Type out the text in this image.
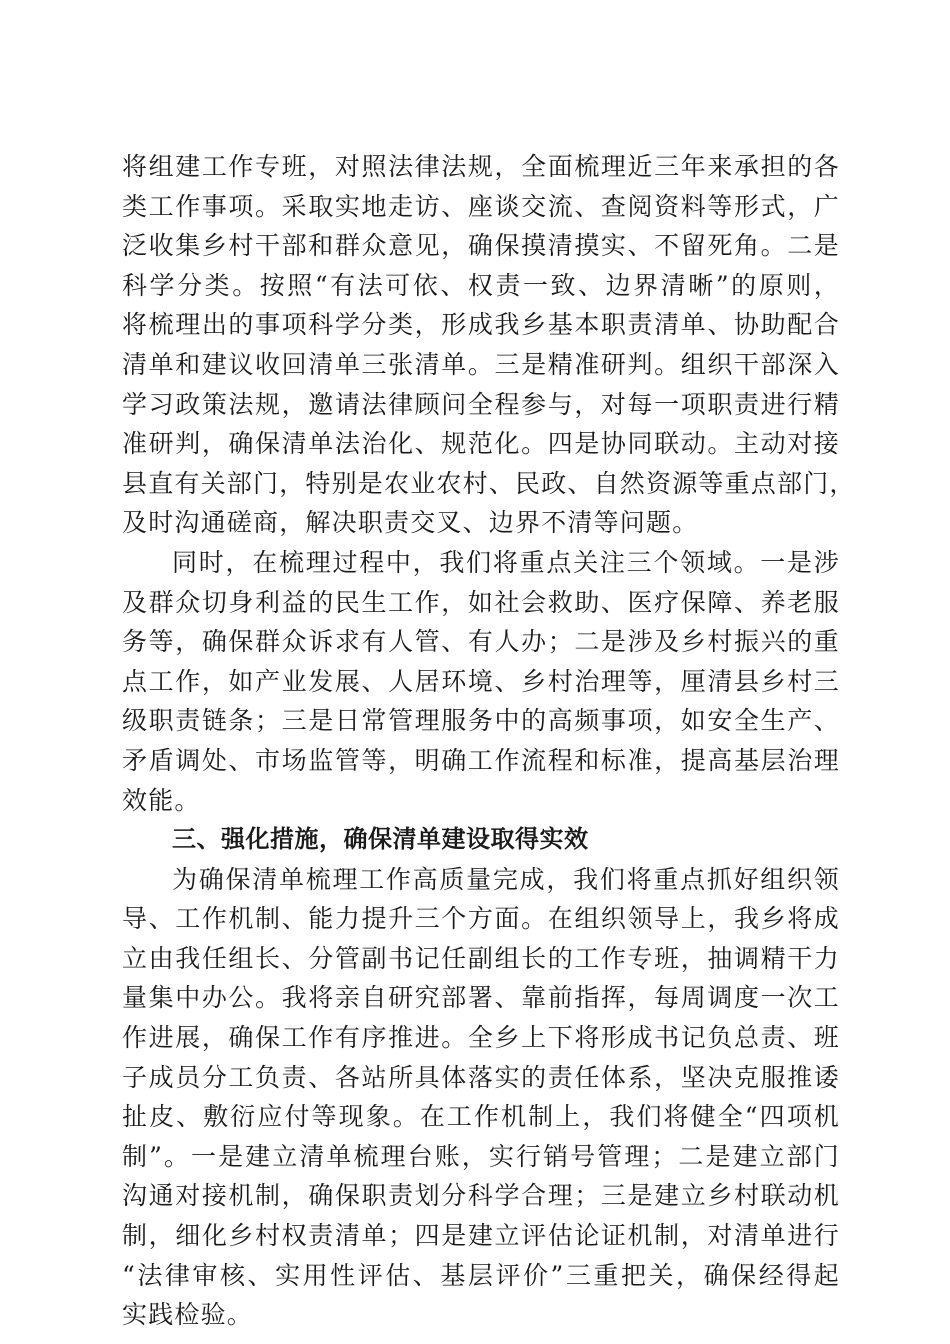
将组建工作专班，对照法律法规，全面梳理近三年来承担的各
类工作事项。采取实地走访、座谈交流、查阅资料等形式，广
泛收集乡村干部和群众意见，确保摸清摸实、不留死角。二是
科学分类。按照“有法可依、权责一致、边界清晰”的原则，
将梳理出的事项科学分类，形成我乡基本职责清单、协助配合
清单和建议收回清单三张清单。三是精准研判。组织干部深入
学习政策法规，邀请法律顾问全程参与，对每一项职责进行精
准研判，确保清单法治化、规范化。四是协同联动。主动对接
县直有关部门，特别是农业农村、民政、自然资源等重点部门，
及时沟通磋商，解决职责交叉、边界不清等问题。
同时，在梳理过程中，我们将重点关注三个领域。一是涉
及群众切身利益的民生工作，如社会救助、医疗保障、养老服
务等，确保群众诉求有人管、有人办；二是涉及乡村振兴的重
点工作，如产业发展、人居环境、乡村治理等，厘清县乡村三
级职责链条；三是日常管理服务中的高频事项，如安全生产、
矛盾调处、市场监管等，明确工作流程和标准，提高基层治理
效能。
三、强化措施，确保清单建设取得实效
为确保清单梳理工作高质量完成，我们将重点抓好组织领
导、工作机制、能力提升三个方面。在组织领导上，我乡将成
立由我任组长、分管副书记任副组长的工作专班，抽调精干力
量集中办公。我将亲自研究部署、靠前指挥，每周调度一次工
作进展，确保工作有序推进。全乡上下将形成书记负总责、班
子成员分工负责、各站所具体落实的责任体系，坚决克服推诿
扯皮、敷衍应付等现象。在工作机制上，我们将健全“四项机
制”。一是建立清单梳理台账，实行销号管理；二是建立部门
沟通对接机制，确保职责划分科学合理；三是建立乡村联动机
制，细化乡村权责清单；四是建立评估论证机制，对清单进行
“法律审核、实用性评估、基层评价”三重把关，确保经得起
实践检验。
